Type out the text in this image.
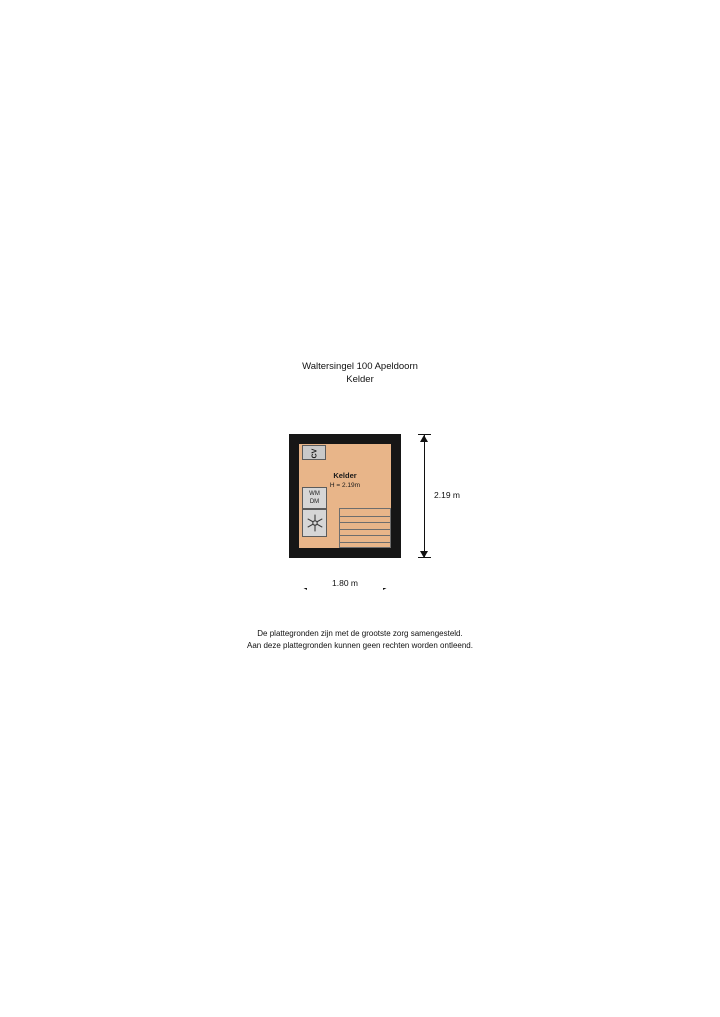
Waltersingel 100 Apeldoorn
Kelder
Kelder
H = 2.19m
CV
WM
DM
2.19 m
1.80 m
De plattegronden zijn met de grootste zorg samengesteld.
Aan deze plattegronden kunnen geen rechten worden ontleend.
